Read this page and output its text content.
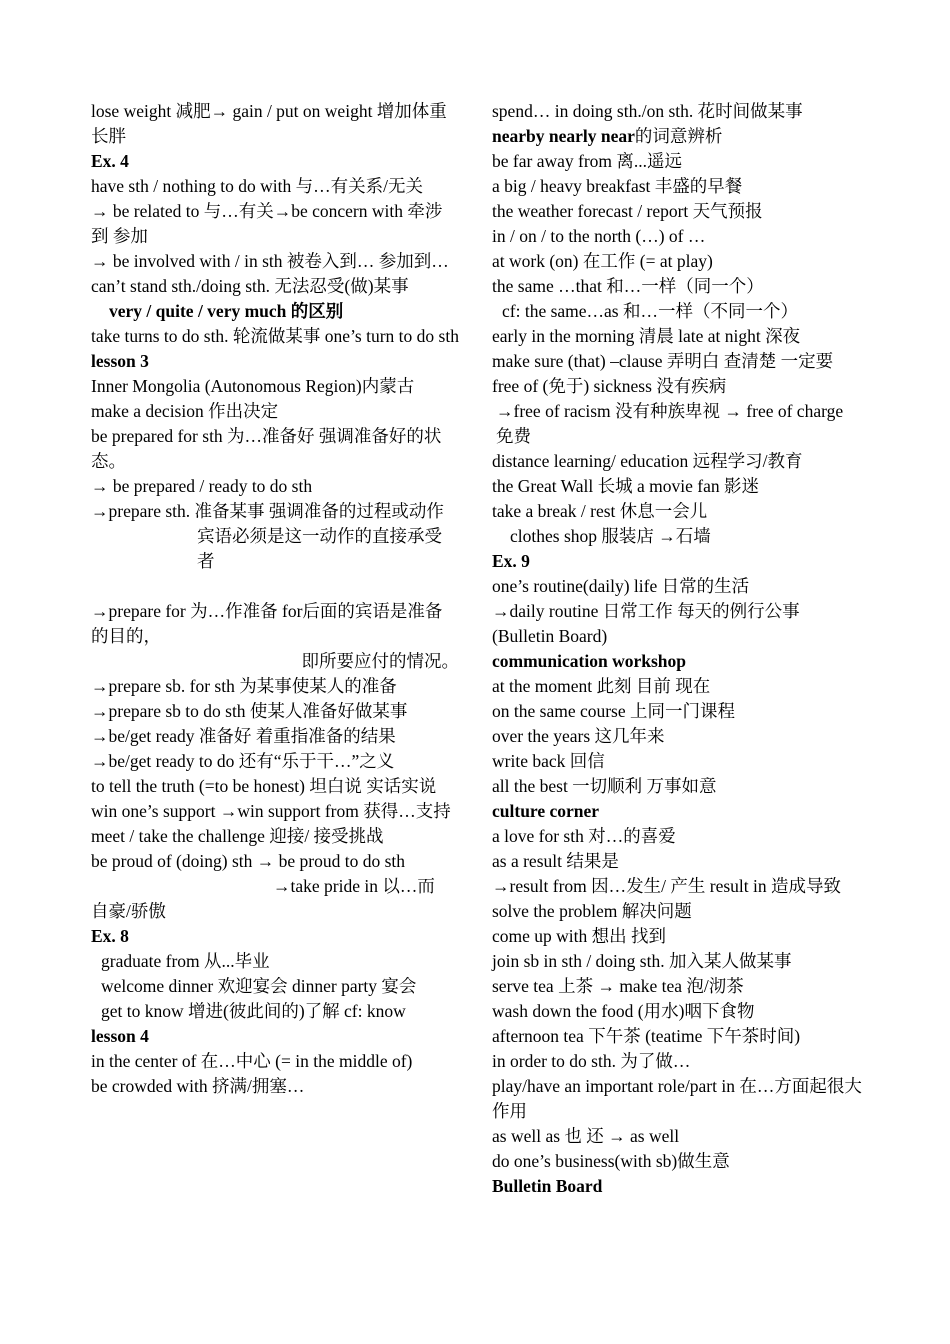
lose weight 减肥→ gain / put on weight 增加体重 长胖
Ex. 4
have sth / nothing to do with 与…有关系/无关
→ be related to 与…有关→be concern with 牵涉到 参加
→ be involved with / in sth 被卷入到… 参加到…
can’t stand sth./doing sth. 无法忍受(做)某事
very / quite / very much 的区别
take turns to do sth. 轮流做某事 one’s turn to do sth
lesson 3
Inner Mongolia (Autonomous Region)内蒙古
make a decision 作出决定
be prepared for sth 为…准备好 强调准备好的状态。
→ be prepared / ready to do sth
→prepare sth. 准备某事 强调准备的过程或动作
宾语必须是这一动作的直接承受者
→prepare for 为…作准备 for后面的宾语是准备的目的，
即所要应付的情况。
→prepare sb. for sth 为某事使某人的准备
→prepare sb to do sth 使某人准备好做某事
→be/get ready 准备好 着重指准备的结果
→be/get ready to do 还有“乐于干…”之义
to tell the truth (=to be honest) 坦白说 实话实说
win one’s support →win support from 获得…支持
meet / take the challenge 迎接/ 接受挑战
be proud of (doing) sth → be proud to do sth
→take pride in 以…而
自豪/骄傲
Ex. 8
graduate from 从...毕业
welcome dinner 欢迎宴会 dinner party 宴会
get to know 增进(彼此间的)了解 cf: know
lesson 4
in the center of 在…中心 (= in the middle of)
be crowded with 挤满/拥塞…
spend… in doing sth./on sth. 花时间做某事
nearby nearly near的词意辨析
be far away from 离...遥远
a big / heavy breakfast 丰盛的早餐
the weather forecast / report 天气预报
in / on / to the north (…) of …
at work (on) 在工作 (= at play)
the same …that 和…一样（同一个）
cf: the same…as 和…一样（不同一个）
early in the morning 清晨 late at night 深夜
make sure (that) –clause 弄明白 查清楚 一定要
free of (免于) sickness 没有疾病
→free of racism 没有种族卑视 → free of charge 免费
distance learning/ education 远程学习/教育
the Great Wall 长城 a movie fan 影迷
take a break / rest 休息一会儿
clothes shop 服装店 →石墙
Ex. 9
one’s routine(daily) life 日常的生活
→daily routine 日常工作 每天的例行公事
(Bulletin Board)
communication workshop
at the moment 此刻 目前 现在
on the same course 上同一门课程
over the years 这几年来
write back 回信
all the best 一切顺利 万事如意
culture corner
a love for sth 对…的喜爱
as a result 结果是
→result from 因…发生/ 产生 result in 造成导致
solve the problem 解决问题
come up with 想出 找到
join sb in sth / doing sth. 加入某人做某事
serve tea 上茶 → make tea 泡/沏茶
wash down the food (用水)咽下食物
afternoon tea 下午茶 (teatime 下午茶时间)
in order to do sth. 为了做…
play/have an important role/part in 在…方面起很大作用
as well as 也 还 → as well
do one’s business(with sb)做生意
Bulletin Board
